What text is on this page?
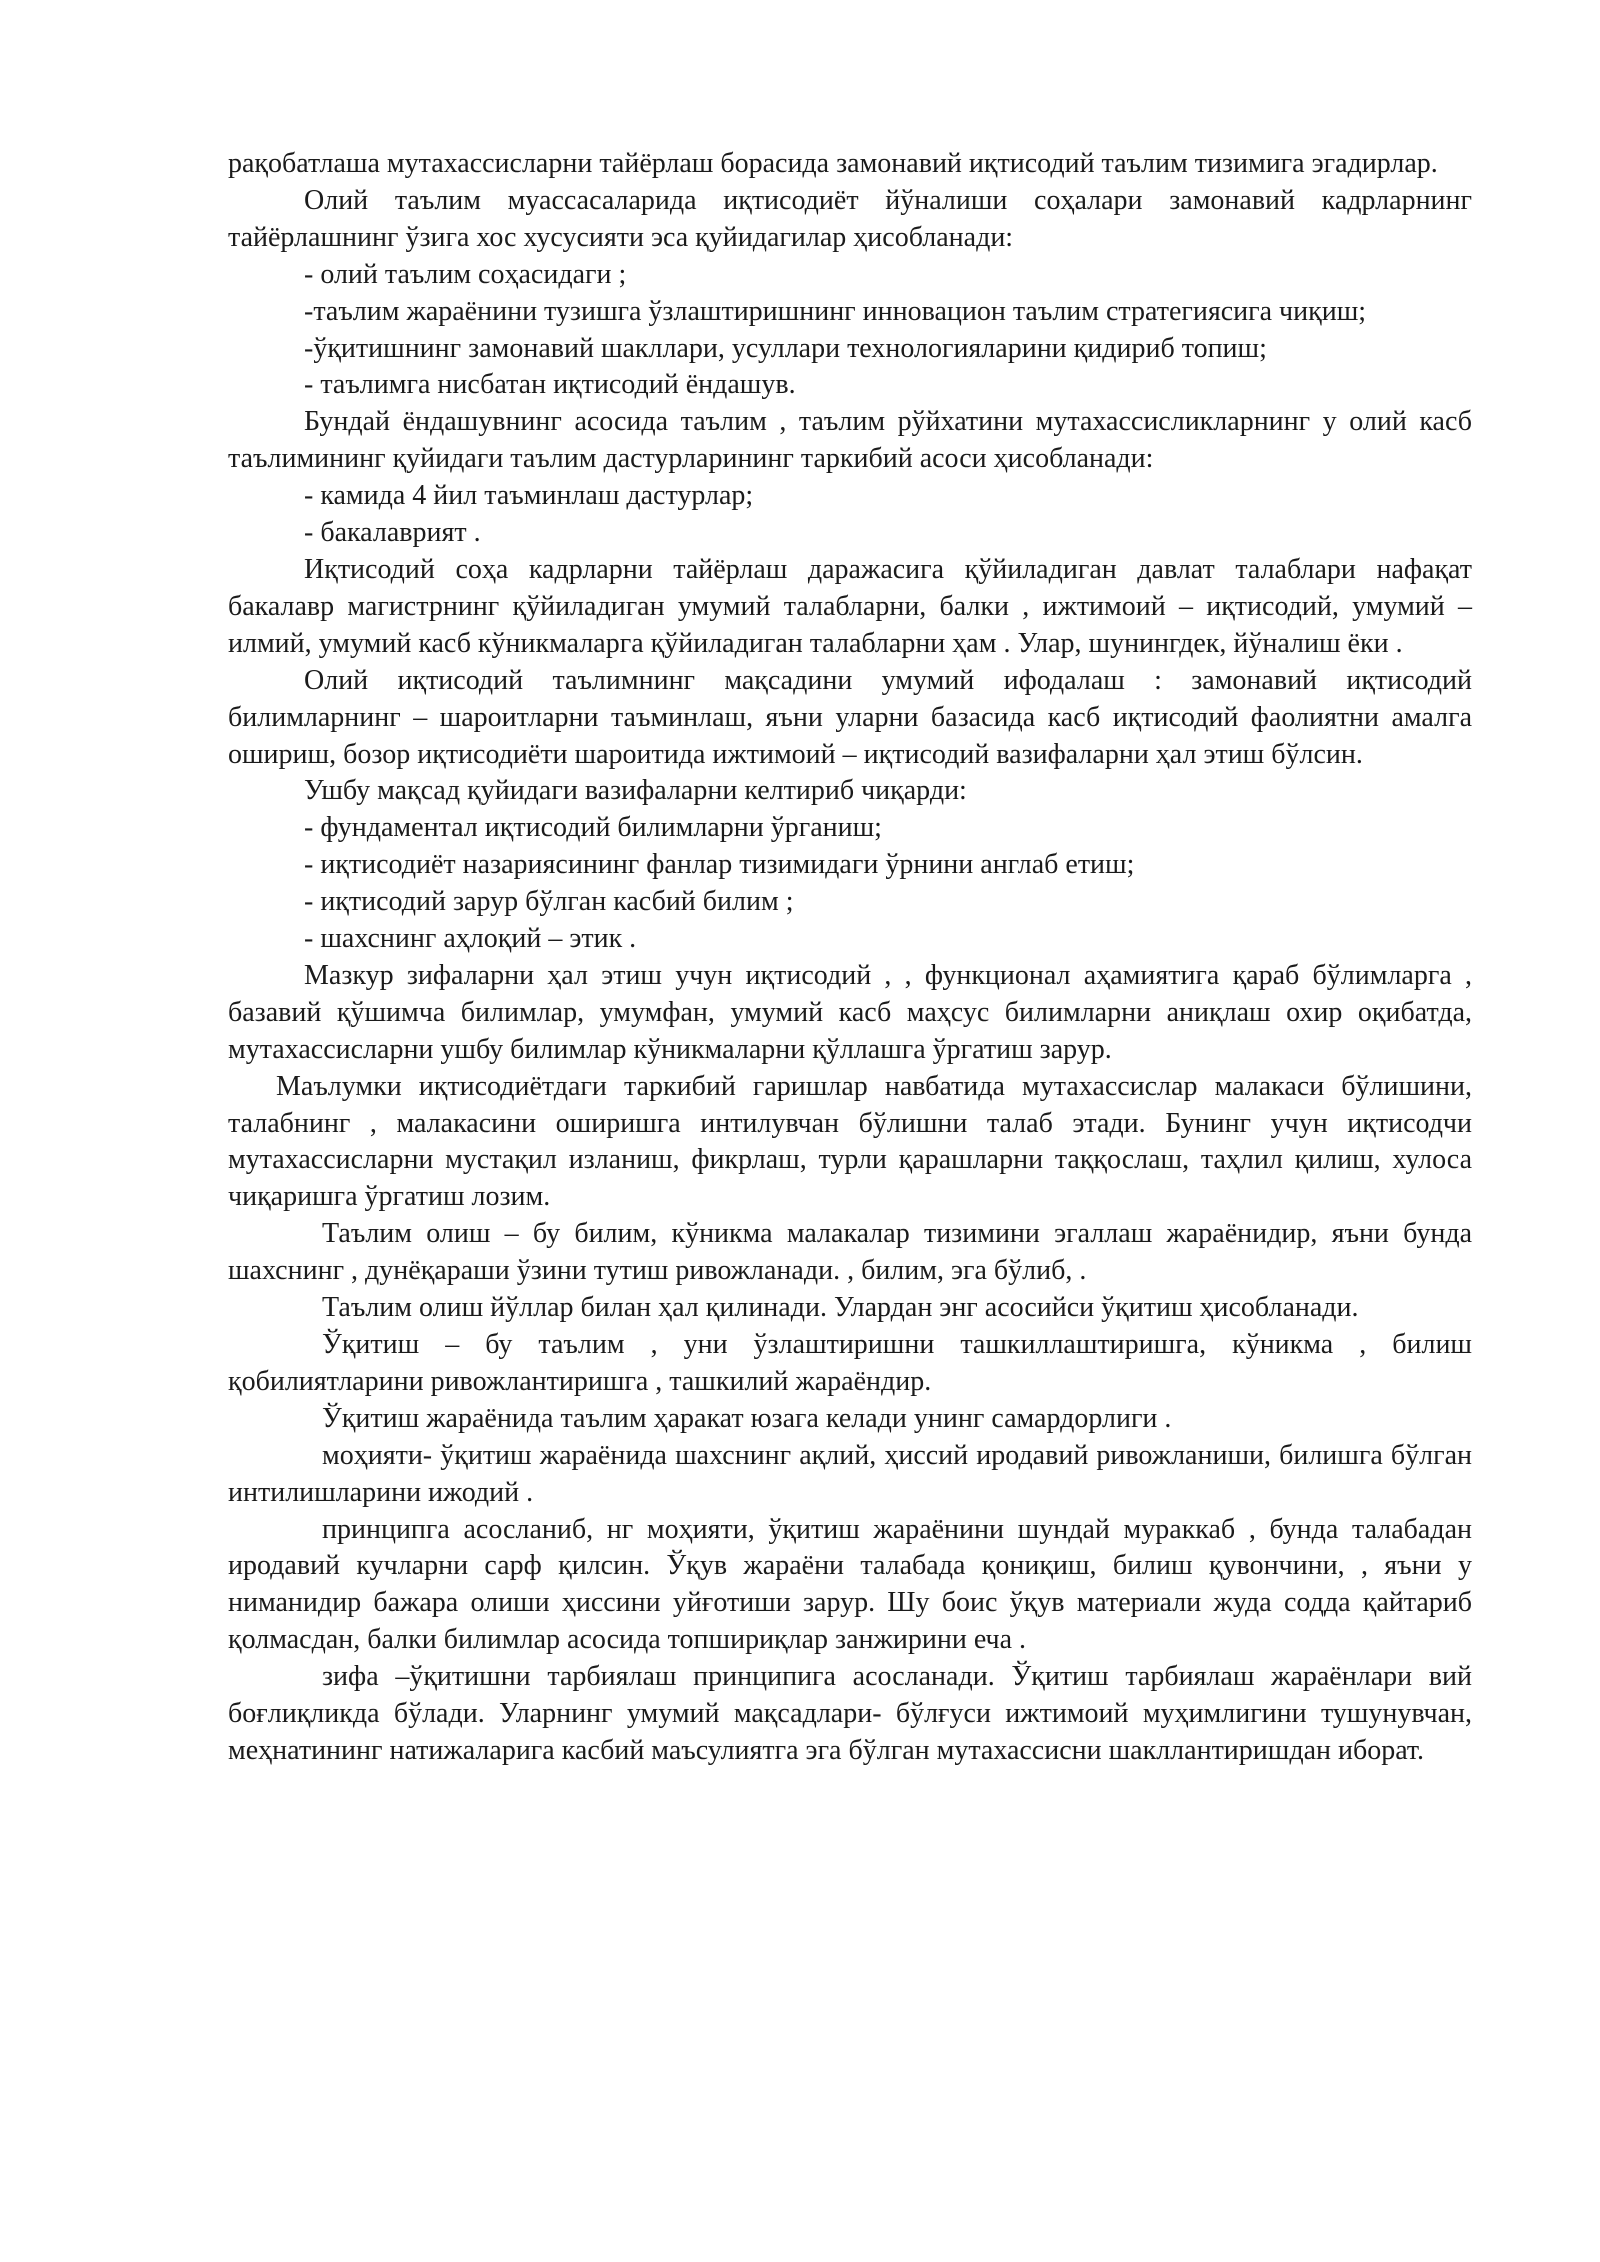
рақобатлаша мутахассисларни тайёрлаш борасида замонавий иқтисодий таълим тизимига эгадирлар.

Олий таълим муассасаларида иқтисодиёт йўналиши соҳалари замонавий кадрларнинг тайёрлашнинг ўзига хос хусусияти эса қуйидагилар ҳисобланади:

- олий таълим соҳасидаги ;

-таълим жараёнини тузишга ўзлаштиришнинг инновацион таълим стратегиясига чиқиш;

-ўқитишнинг замонавий шакллари, усуллари технологияларини қидириб топиш;

- таълимга нисбатан иқтисодий ёндашув.

Бундай ёндашувнинг асосида таълим , таълим рўйхатини мутахассисликларнинг у олий касб таълимининг қуйидаги таълим дастурларининг таркибий асоси ҳисобланади:

- камида 4 йил таъминлаш дастурлар;

- бакалаврият .

Иқтисодий соҳа кадрларни тайёрлаш даражасига қўйиладиган давлат талаблари нафақат бакалавр магистрнинг қўйиладиган умумий талабларни, балки , ижтимоий – иқтисодий, умумий – илмий, умумий касб кўникмаларга қўйиладиган талабларни ҳам . Улар, шунингдек, йўналиш ёки .

Олий иқтисодий таълимнинг мақсадини умумий ифодалаш : замонавий иқтисодий билимларнинг – шароитларни таъминлаш, яъни уларни базасида касб иқтисодий фаолиятни амалга ошириш, бозор иқтисодиёти шароитида ижтимоий – иқтисодий вазифаларни ҳал этиш бўлсин.

Ушбу мақсад қуйидаги вазифаларни келтириб чиқарди:

- фундаментал иқтисодий билимларни ўрганиш;

- иқтисодиёт назариясининг фанлар тизимидаги ўрнини англаб етиш;

- иқтисодий зарур бўлган касбий билим ;

- шахснинг аҳлоқий – этик .

Мазкур зифаларни ҳал этиш учун иқтисодий , , функционал аҳамиятига қараб бўлимларга , базавий қўшимча билимлар, умумфан, умумий касб маҳсус билимларни аниқлаш охир оқибатда, мутахассисларни ушбу билимлар кўникмаларни қўллашга ўргатиш зарур.

Маълумки иқтисодиётдаги таркибий гаришлар навбатида мутахассислар малакаси бўлишини, талабнинг , малакасини оширишга интилувчан бўлишни талаб этади. Бунинг учун иқтисодчи мутахассисларни мустақил изланиш, фикрлаш, турли қарашларни таққослаш, таҳлил қилиш, хулоса чиқаришга ўргатиш лозим.

Таълим олиш – бу билим, кўникма малакалар тизимини эгаллаш жараёнидир, яъни бунда шахснинг , дунёқараши ўзини тутиш ривожланади. , билим, эга бўлиб, .

Таълим олиш йўллар билан ҳал қилинади. Улардан энг асосийси ўқитиш ҳисобланади.

Ўқитиш – бу таълим , уни ўзлаштиришни ташкиллаштиришга, кўникма , билиш қобилиятларини ривожлантиришга , ташкилий жараёндир.

Ўқитиш жараёнида таълим ҳаракат юзага келади унинг самардорлиги .

моҳияти- ўқитиш жараёнида шахснинг ақлий, ҳиссий иродавий ривожланиши, билишга бўлган интилишларини ижодий .

принципга асосланиб, нг моҳияти, ўқитиш жараёнини шундай мураккаб , бунда талабадан иродавий кучларни сарф қилсин. Ўқув жараёни талабада қониқиш, билиш қувончини, , яъни у ниманидир бажара олиши ҳиссини уйғотиши зарур. Шу боис ўқув материали жуда содда қайтариб қолмасдан, балки билимлар асосида топшириқлар занжирини еча .

зифа –ўқитишни тарбиялаш принципига асосланади. Ўқитиш тарбиялаш жараёнлари вий боғлиқликда бўлади. Уларнинг умумий мақсадлари- бўлғуси ижтимоий муҳимлигини тушунувчан, меҳнатининг натижаларига касбий маъсулиятга эга бўлган мутахассисни шакллантиришдан иборат.
